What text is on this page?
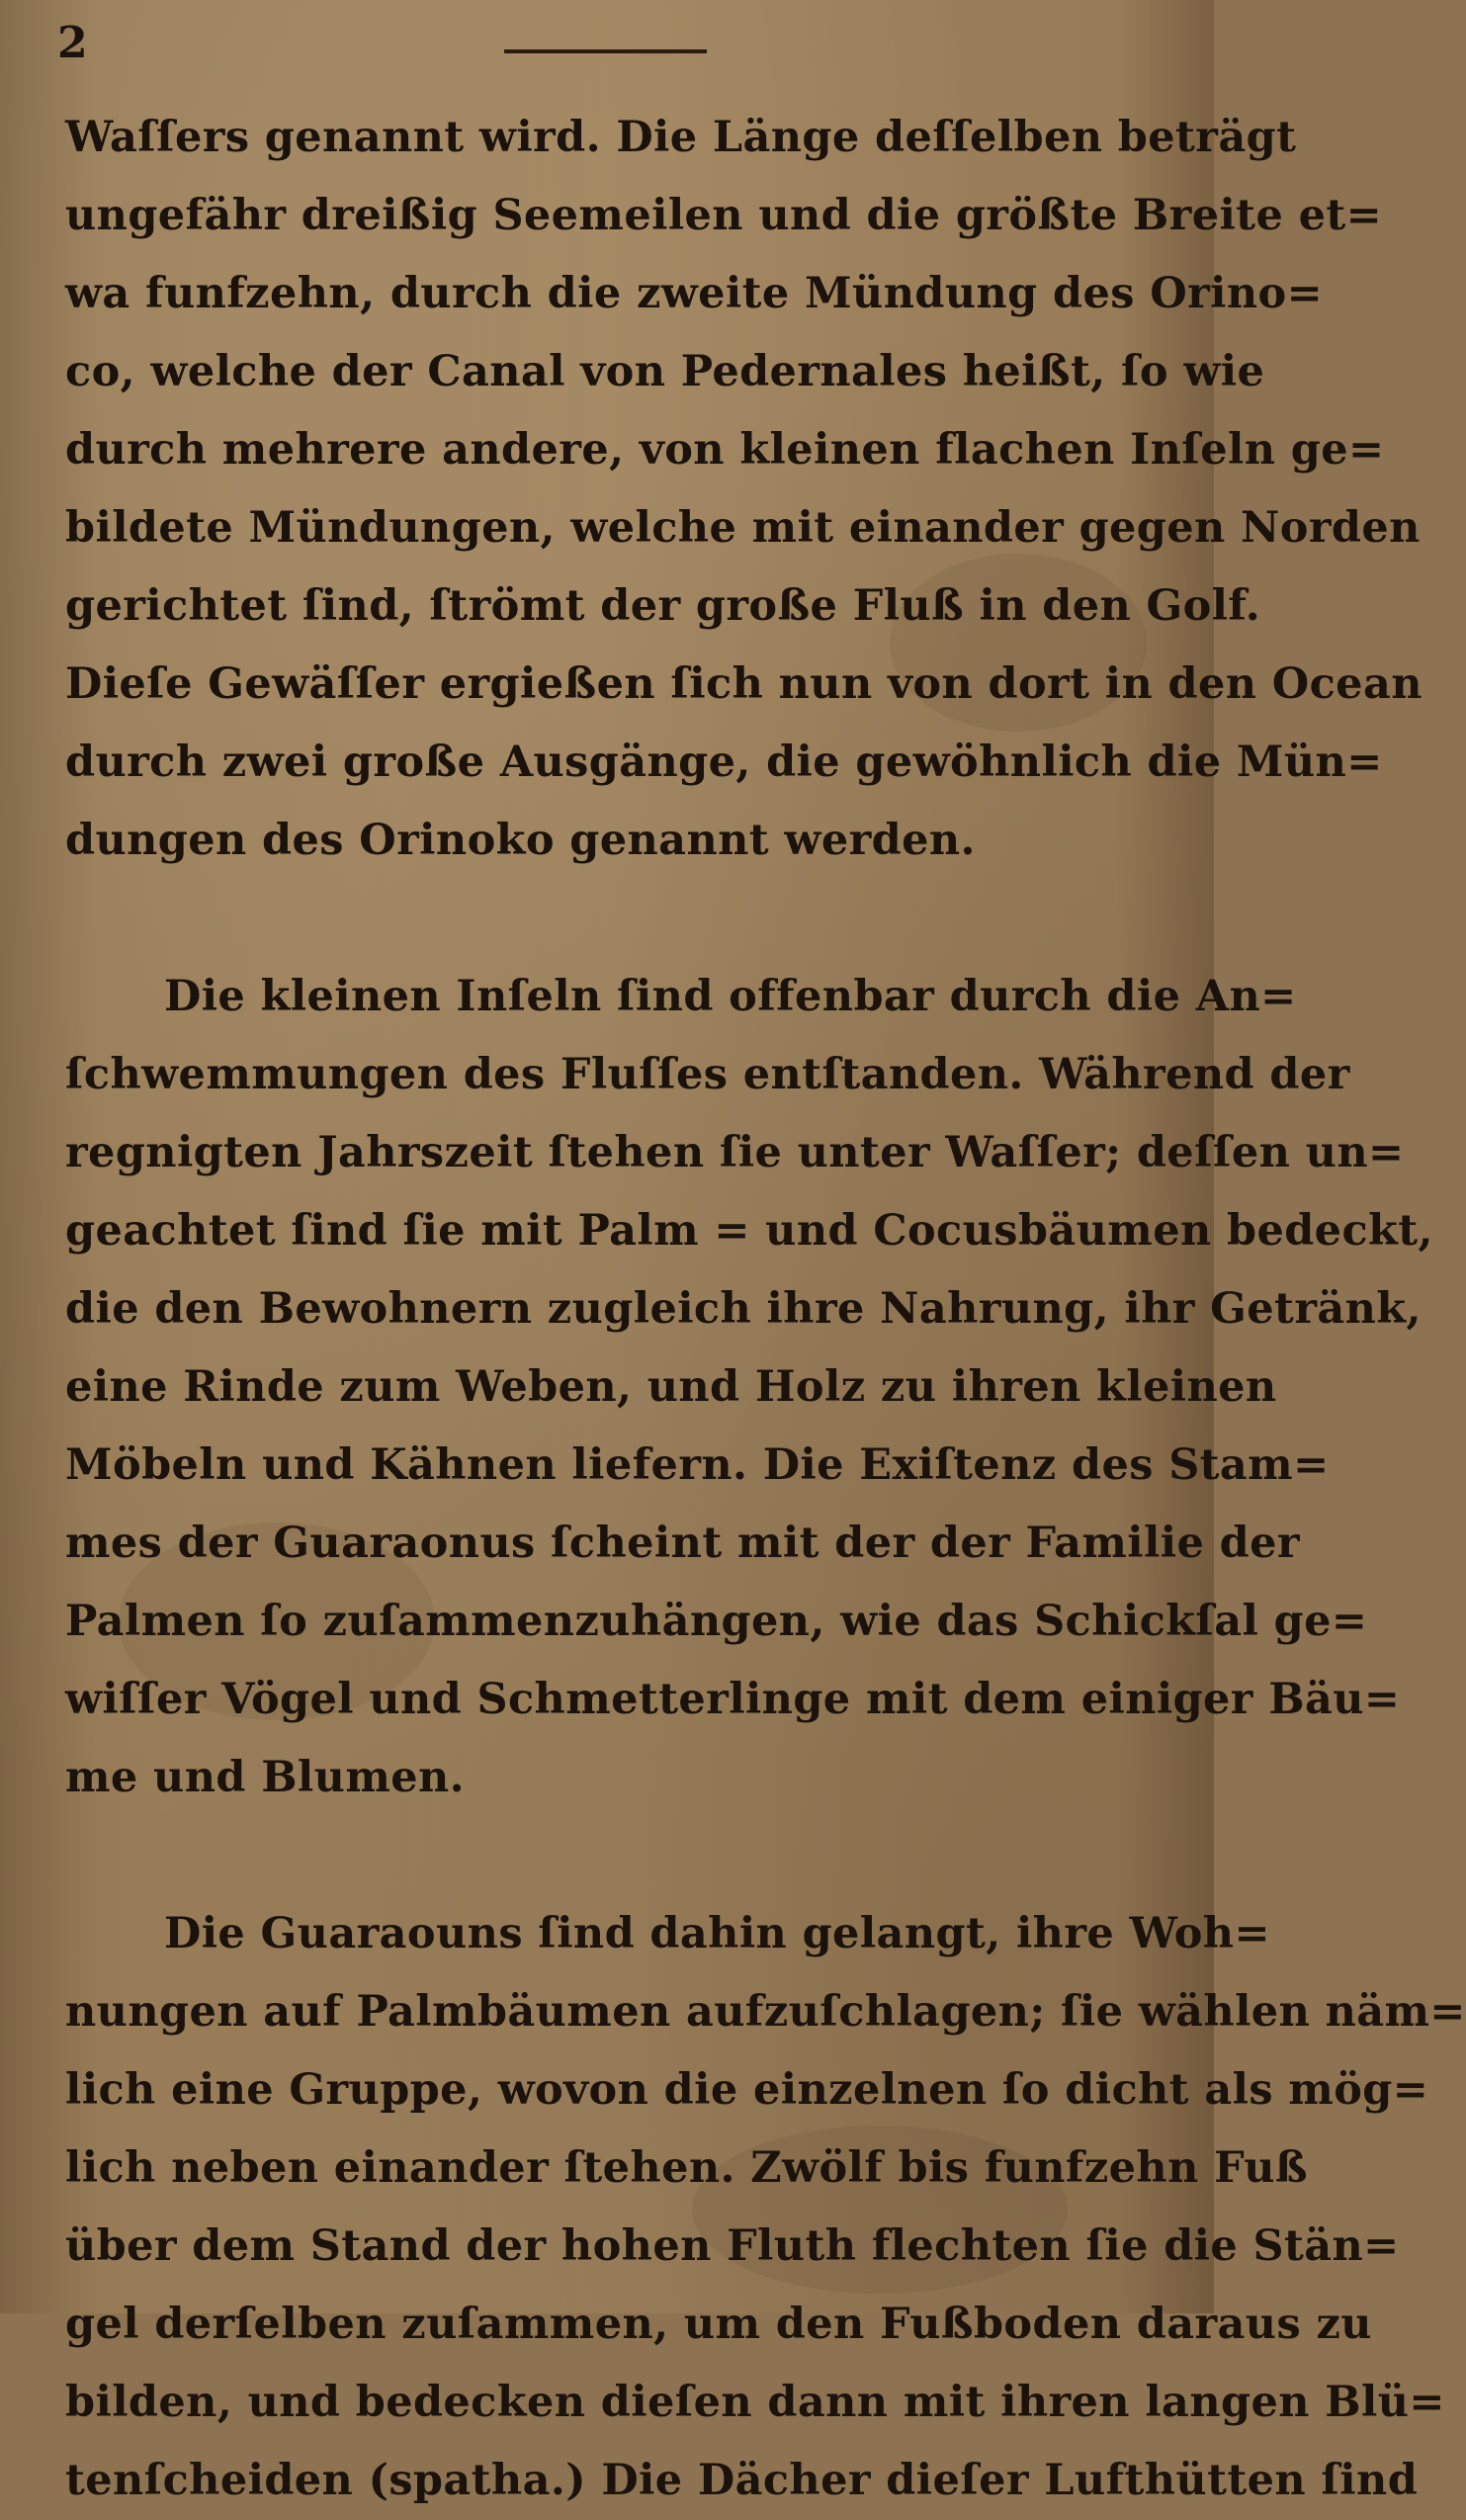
2
Waſſers genannt wird. Die Länge deſſelben beträgt
ungefähr dreißig Seemeilen und die größte Breite et=
wa funfzehn, durch die zweite Mündung des Orino=
co, welche der Canal von Pedernales heißt, ſo wie
durch mehrere andere, von kleinen flachen Inſeln ge=
bildete Mündungen, welche mit einander gegen Norden
gerichtet ſind, ſtrömt der große Fluß in den Golf.
Dieſe Gewäſſer ergießen ſich nun von dort in den Ocean
durch zwei große Ausgänge, die gewöhnlich die Mün=
dungen des Orinoko genannt werden.
Die kleinen Inſeln ſind offenbar durch die An=
ſchwemmungen des Fluſſes entſtanden. Während der
regnigten Jahrszeit ſtehen ſie unter Waſſer; deſſen un=
geachtet ſind ſie mit Palm = und Cocusbäumen bedeckt,
die den Bewohnern zugleich ihre Nahrung, ihr Getränk,
eine Rinde zum Weben, und Holz zu ihren kleinen
Möbeln und Kähnen liefern. Die Exiſtenz des Stam=
mes der Guaraonus ſcheint mit der der Familie der
Palmen ſo zuſammenzuhängen, wie das Schickſal ge=
wiſſer Vögel und Schmetterlinge mit dem einiger Bäu=
me und Blumen.
Die Guaraouns ſind dahin gelangt, ihre Woh=
nungen auf Palmbäumen aufzuſchlagen; ſie wählen näm=
lich eine Gruppe, wovon die einzelnen ſo dicht als mög=
lich neben einander ſtehen. Zwölf bis funfzehn Fuß
über dem Stand der hohen Fluth flechten ſie die Stän=
gel derſelben zuſammen, um den Fußboden daraus zu
bilden, und bedecken dieſen dann mit ihren langen Blü=
tenſcheiden (spatha.) Die Dächer dieſer Lufthütten ſind
